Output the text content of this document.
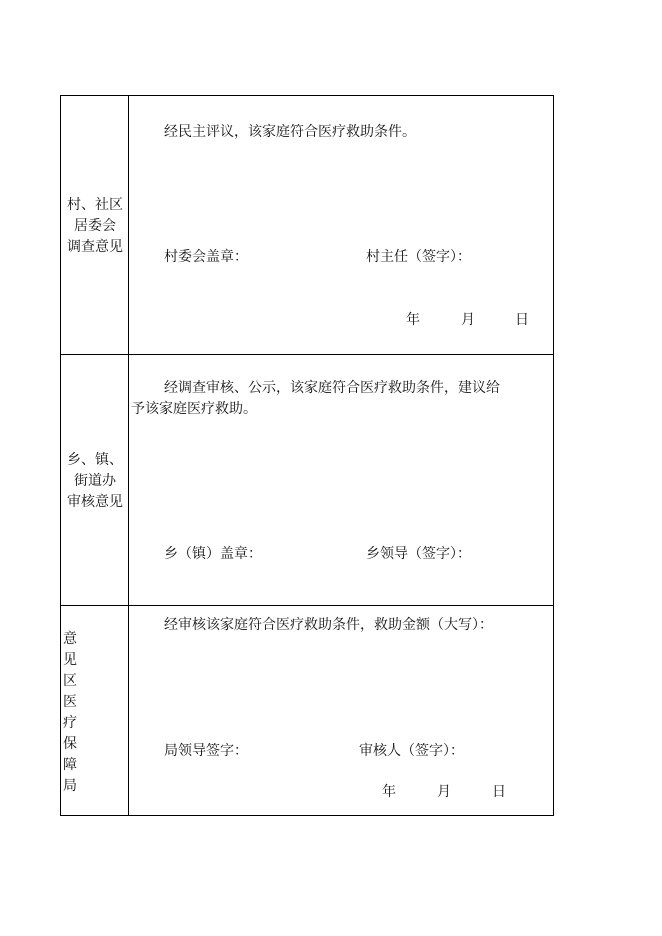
村、社区
居委会
调查意见
经民主评议，该家庭符合医疗救助条件。
村委会盖章：	村主任（签字）：
年	月	日
乡、镇、
街道办
审核意见
经调查审核、公示，该家庭符合医疗救助条件，建议给
予该家庭医疗救助。
乡（镇）盖章：	乡领导（签字）：
意
见
区
医
疗
保
障
局
经审核该家庭符合医疗救助条件，救助金额（大写）：
局领导签字：	审核人（签字）：
年	月	日
